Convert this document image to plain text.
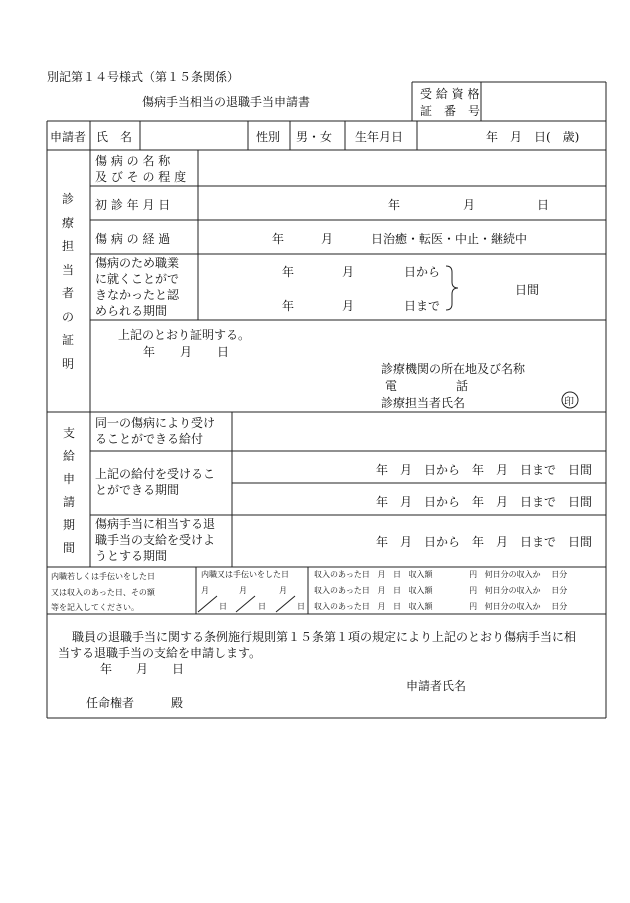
別記第１４号様式（第１５条関係）
傷病手当相当の退職手当申請書
受 給 資 格
証　番　号
申請者 氏　名	性別 男・女 生年月日	年　月　日(　歳)
診
療
担
当
者
の
証
明
傷 病 の 名 称
及 び そ の 程 度
初 診 年 月 日	年	月	日
傷 病 の 経 過	年	月	日治癒・転医・中止・継続中
傷病のため職業
に就くことがで
きなかったと認
められる期間
年	月	日から
年	月	日まで
日間
上記のとおり証明する。
年 月 日
診療機関の所在地及び名称
電	話
診療担当者氏名	印
支
給
申
請
期
間
同一の傷病により受け
ることができる給付
上記の給付を受けるこ
とができる期間
年　月　日から　年　月　日まで　日間
年　月　日から　年　月　日まで　日間
傷病手当に相当する退
職手当の支給を受けよ
うとする期間
年　月　日から　年　月　日まで　日間
内職若しくは手伝いをした日
又は収入のあった日、その額
等を記入してください。
内職又は手伝いをした日
月	月	月
日	日	日
収入のあった日 月 日 収入額	円 何日分の収入か 日分
収入のあった日 月 日 収入額	円 何日分の収入か 日分
収入のあった日 月 日 収入額	円 何日分の収入か 日分
職員の退職手当に関する条例施行規則第１５条第１項の規定により上記のとおり傷病手当に相
当する退職手当の支給を申請します。
年 月 日
申請者氏名
任命権者	殿
